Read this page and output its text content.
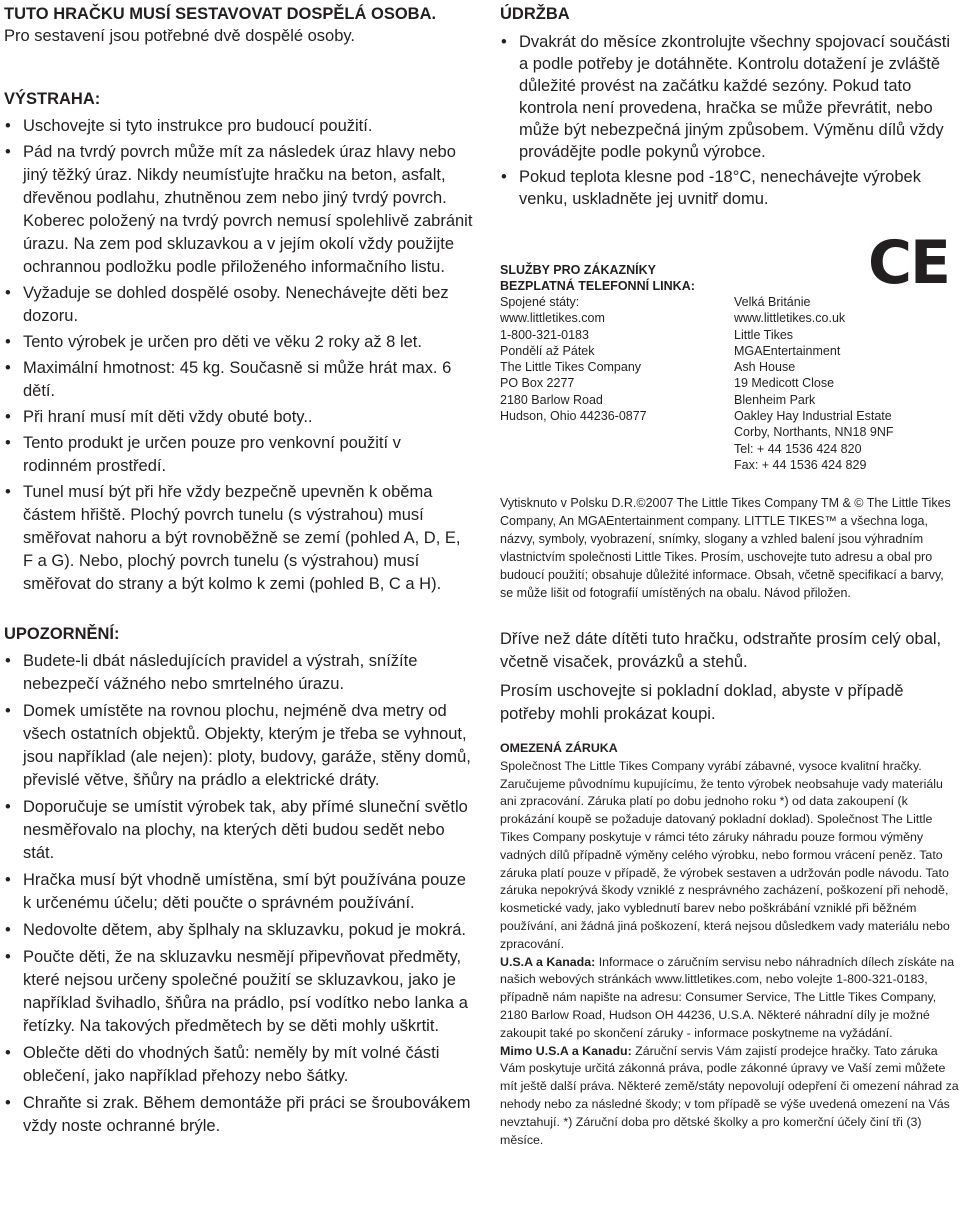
TUTO HRAČKU MUSÍ SESTAVOVAT DOSPĚLÁ OSOBA.

Pro sestavení jsou potřebné dvě dospělé osoby.

VÝSTRAHA:

• Uschovejte si tyto instrukce pro budoucí použití.
• Pád na tvrdý povrch může mít za následek úraz hlavy nebo jiný těžký úraz. Nikdy neumísťujte hračku na beton, asfalt, dřevěnou podlahu, zhutněnou zem nebo jiný tvrdý povrch. Koberec položený na tvrdý povrch nemusí spolehlivě zabránit úrazu. Na zem pod skluzavkou a v jejím okolí vždy použijte ochrannou podložku podle přiloženého informačního listu.
• Vyžaduje se dohled dospělé osoby. Nenechávejte děti bez dozoru.
• Tento výrobek je určen pro děti ve věku 2 roky až 8 let.
• Maximální hmotnost: 45 kg. Současně si může hrát max. 6 dětí.
• Při hraní musí mít děti vždy obuté boty..
• Tento produkt je určen pouze pro venkovní použití v rodinném prostředí.
• Tunel musí být při hře vždy bezpečně upevněn k oběma částem hřiště. Plochý povrch tunelu (s výstrahou) musí směřovat nahoru a být rovnoběžně se zemí (pohled A, D, E, F a G). Nebo, plochý povrch tunelu (s výstrahou) musí směřovat do strany a být kolmo k zemi (pohled B, C a H).

UPOZORNĚNÍ:

• Budete-li dbát následujících pravidel a výstrah, snížíte nebezpečí vážného nebo smrtelného úrazu.
• Domek umístěte na rovnou plochu, nejméně dva metry od všech ostatních objektů. Objekty, kterým je třeba se vyhnout, jsou například (ale nejen): ploty, budovy, garáže, stěny domů, převislé větve, šňůry na prádlo a elektrické dráty.
• Doporučuje se umístit výrobek tak, aby přímé sluneční světlo nesměřovalo na plochy, na kterých děti budou sedět nebo stát.
• Hračka musí být vhodně umístěna, smí být používána pouze k určenému účelu; děti poučte o správném používání.
• Nedovolte dětem, aby šplhaly na skluzavku, pokud je mokrá.
• Poučte děti, že na skluzavku nesmějí připevňovat předměty, které nejsou určeny společné použití se skluzavkou, jako je například švihadlo, šňůra na prádlo, psí vodítko nebo lanka a řetízky. Na takových předmětech by se děti mohly uškrtit.
• Oblečte děti do vhodných šatů: neměly by mít volné části oblečení, jako například přehozy nebo šátky.
• Chraňte si zrak. Během demontáže při práci se šroubovákem vždy noste ochranné brýle.

ÚDRŽBA

• Dvakrát do měsíce zkontrolujte všechny spojovací součásti a podle potřeby je dotáhněte. Kontrolu dotažení je zvláště důležité provést na začátku každé sezóny. Pokud tato kontrola není provedena, hračka se může převrátit, nebo může být nebezpečná jiným způsobem. Výměnu dílů vždy provádějte podle pokynů výrobce.
• Pokud teplota klesne pod -18°C, nenechávejte výrobek venku, uskladněte jej uvnitř domu.
CE
SLUŽBY PRO ZÁKAZNÍKY
BEZPLATNÁ TELEFONNÍ LINKA:
Spojené státy:
www.littletikes.com
1-800-321-0183
Pondělí až Pátek
The Little Tikes Company
PO Box 2277
2180 Barlow Road
Hudson, Ohio 44236-0877
Velká Británie
www.littletikes.co.uk
Little Tikes
MGAEntertainment
Ash House
19 Medicott Close
Blenheim Park
Oakley Hay Industrial Estate
Corby, Northants, NN18 9NF
Tel: + 44 1536 424 820
Fax: + 44 1536 424 829

Vytisknuto v Polsku D.R.©2007 The Little Tikes Company TM & © The Little Tikes Company, An MGAEntertainment company. LITTLE TIKES™ a všechna loga, názvy, symboly, vyobrazení, snímky, slogany a vzhled balení jsou výhradním vlastnictvím společnosti Little Tikes. Prosím, uschovejte tuto adresu a obal pro budoucí použití; obsahuje důležité informace. Obsah, včetně specifikací a barvy, se může lišit od fotografií umístěných na obalu. Návod přiložen.

Dříve než dáte dítěti tuto hračku, odstraňte prosím celý obal, včetně visaček, provázků a stehů.

Prosím uschovejte si pokladní doklad, abyste v případě potřeby mohli prokázat koupi.

OMEZENÁ ZÁRUKA

Společnost The Little Tikes Company vyrábí zábavné, vysoce kvalitní hračky. Zaručujeme původnímu kupujícímu, že tento výrobek neobsahuje vady materiálu ani zpracování. Záruka platí po dobu jednoho roku *) od data zakoupení (k prokázání koupě se požaduje datovaný pokladní doklad). Společnost The Little Tikes Company poskytuje v rámci této záruky náhradu pouze formou výměny vadných dílů případně výměny celého výrobku, nebo formou vrácení peněz. Tato záruka platí pouze v případě, že výrobek sestaven a udržován podle návodu. Tato záruka nepokrývá škody vzniklé z nesprávného zacházení, poškození při nehodě, kosmetické vady, jako vyblednutí barev nebo poškrábání vzniklé při běžném používání, ani žádná jiná poškození, která nejsou důsledkem vady materiálu nebo zpracování.

U.S.A a Kanada: Informace o záručním servisu nebo náhradních dílech získáte na našich webových stránkách www.littletikes.com, nebo volejte 1-800-321-0183, případně nám napište na adresu: Consumer Service, The Little Tikes Company, 2180 Barlow Road, Hudson OH 44236, U.S.A. Některé náhradní díly je možné zakoupit také po skončení záruky - informace poskytneme na vyžádání.

Mimo U.S.A a Kanadu: Záruční servis Vám zajistí prodejce hračky. Tato záruka Vám poskytuje určitá zákonná práva, podle zákonné úpravy ve Vaší zemi můžete mít ještě další práva. Některé země/státy nepovolují odepření či omezení náhrad za nehody nebo za následné škody; v tom případě se výše uvedená omezení na Vás nevztahují. *) Záruční doba pro dětské školky a pro komerční účely činí tři (3) měsíce.
